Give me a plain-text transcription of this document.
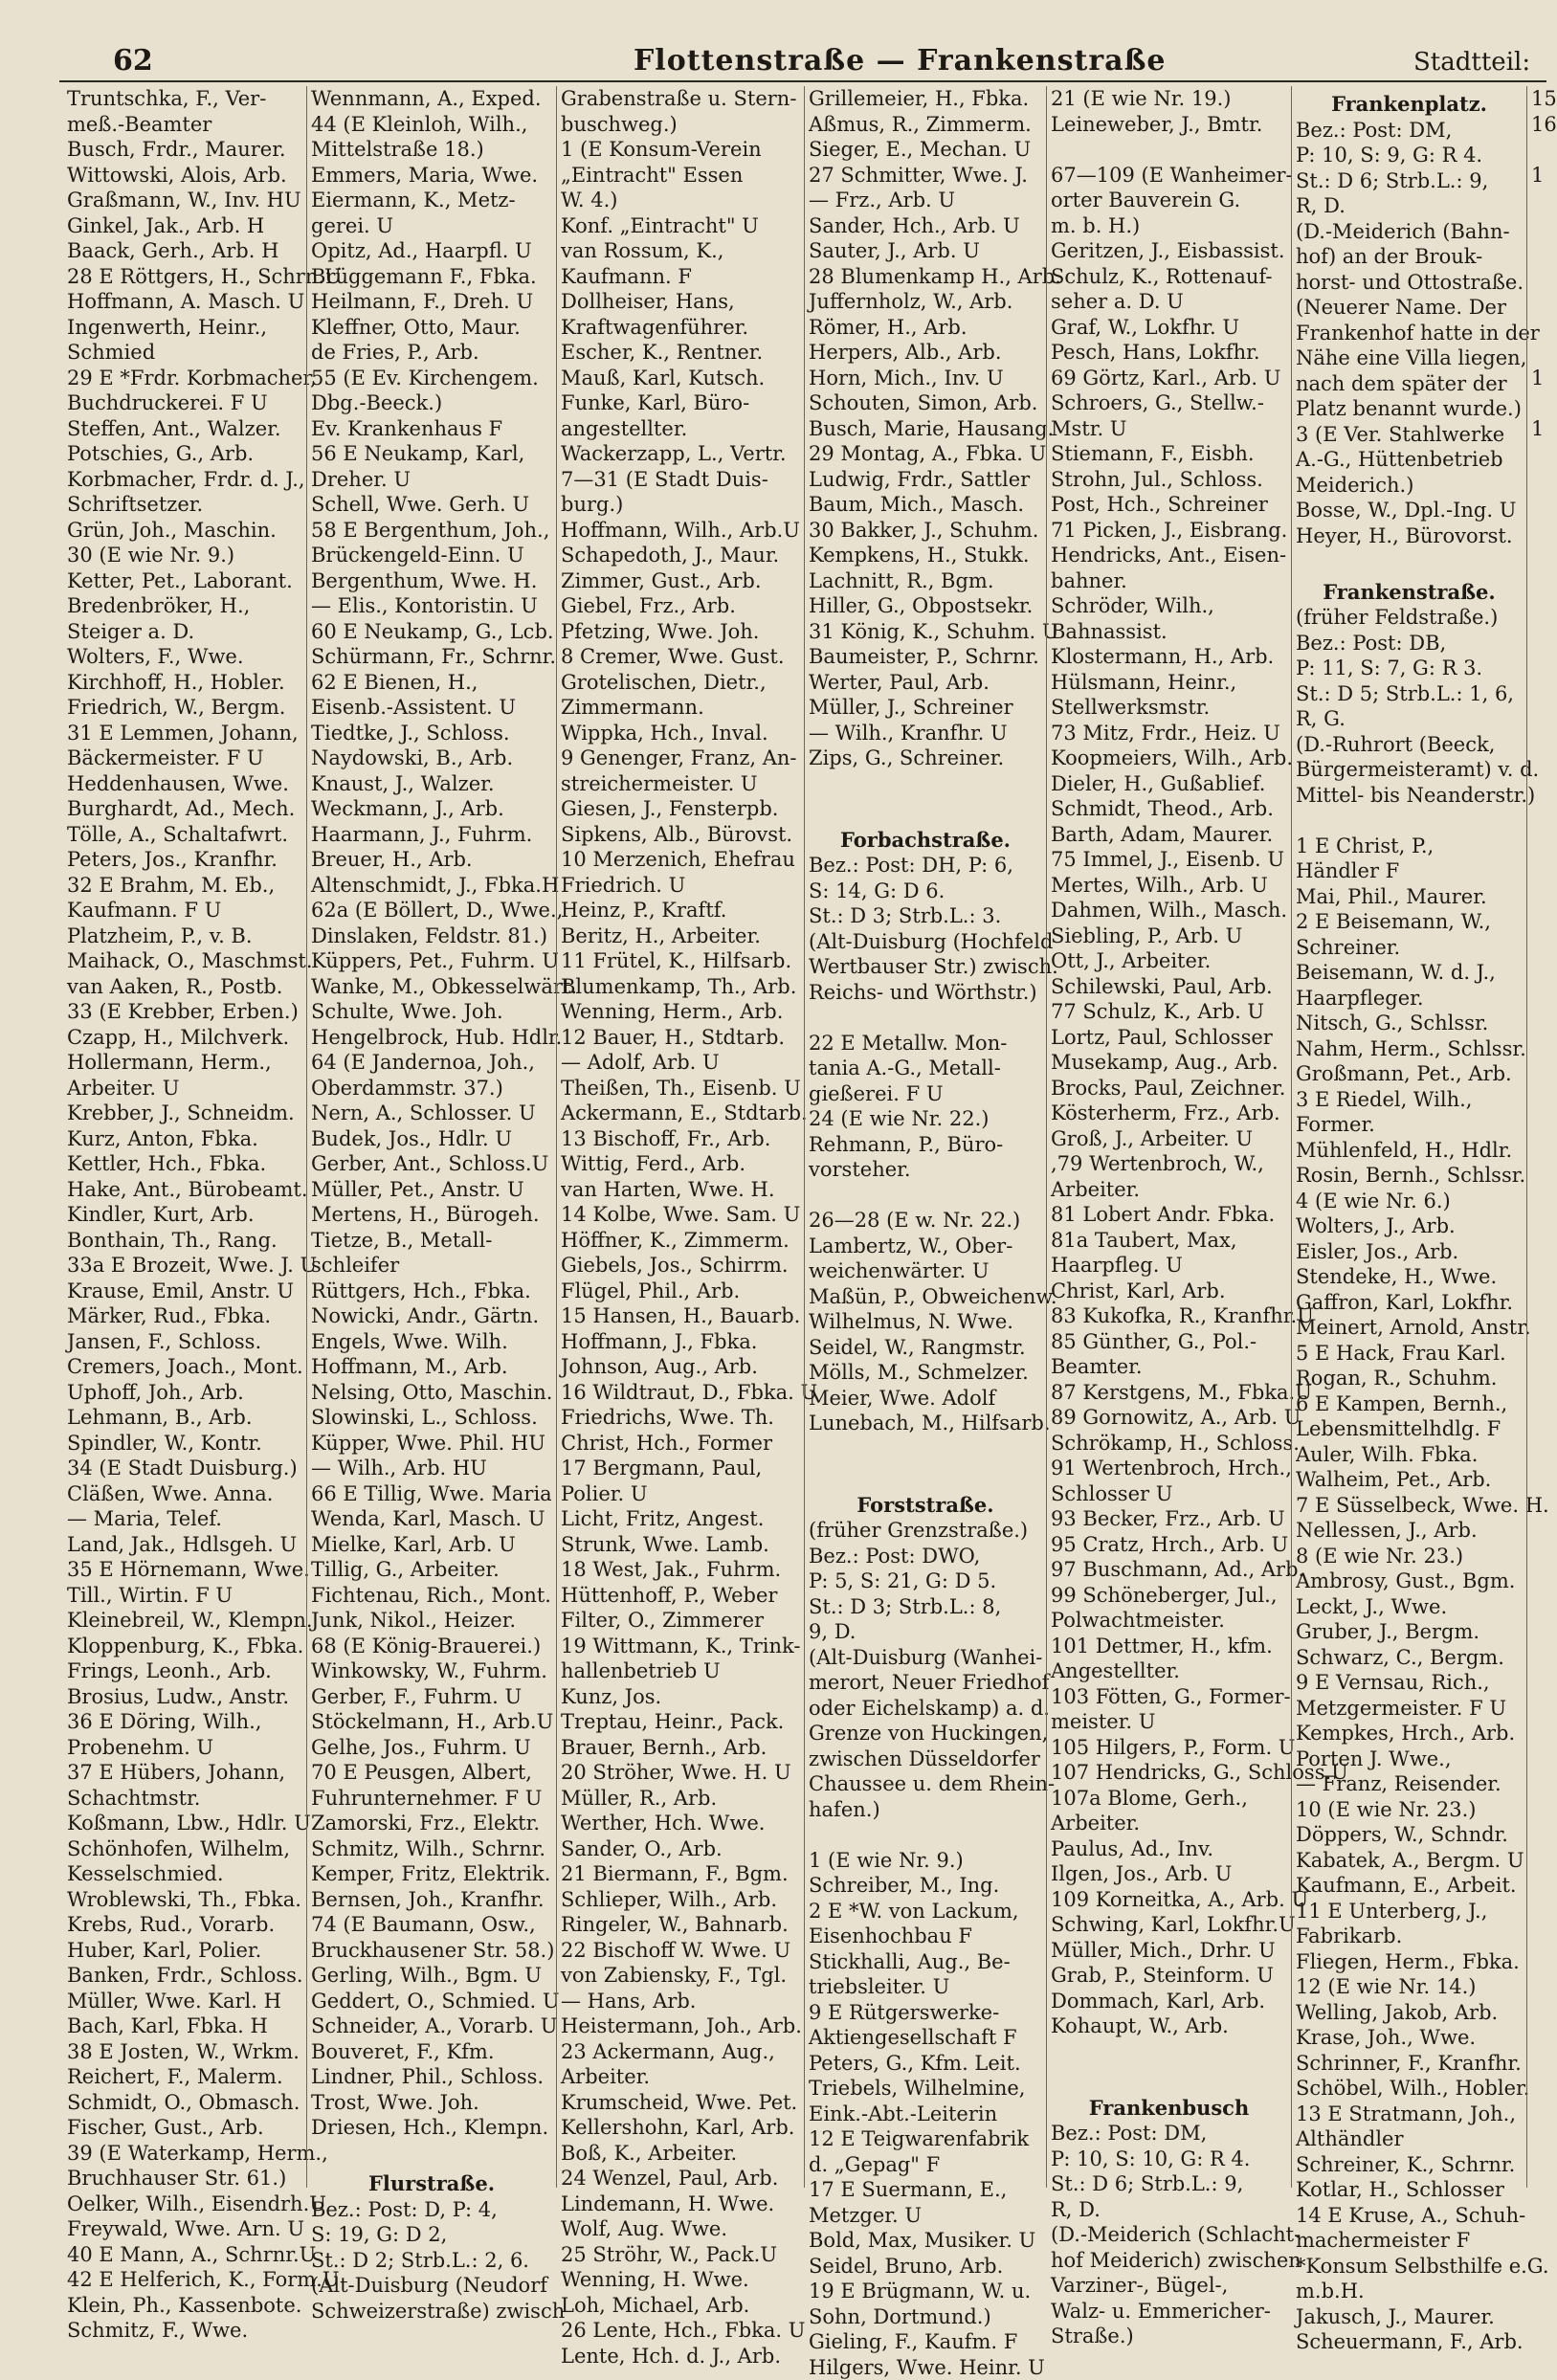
62	Flottenstraße — Frankenstraße	Stadtteil:
Truntschka, F., Ver-
meß.-Beamter
Busch, Frdr., Maurer.
Wittowski, Alois, Arb.
Graßmann, W., Inv. HU
Ginkel, Jak., Arb. H
Baack, Gerh., Arb. H
28 E Röttgers, H., Schrn.U
Hoffmann, A. Masch. U
Ingenwerth, Heinr.,
Schmied
29 E *Frdr. Korbmacher,
Buchdruckerei. F U
Steffen, Ant., Walzer.
Potschies, G., Arb.
Korbmacher, Frdr. d. J.,
Schriftsetzer.
Grün, Joh., Maschin.
30 (E wie Nr. 9.)
Ketter, Pet., Laborant.
Bredenbröker, H.,
Steiger a. D.
Wolters, F., Wwe.
Kirchhoff, H., Hobler.
Friedrich, W., Bergm.
31 E Lemmen, Johann,
Bäckermeister. F U
Heddenhausen, Wwe.
Burghardt, Ad., Mech.
Tölle, A., Schaltafwrt.
Peters, Jos., Kranfhr.
32 E Brahm, M. Eb.,
Kaufmann. F U
Platzheim, P., v. B.
Maihack, O., Maschmst.
van Aaken, R., Postb.
33 (E Krebber, Erben.)
Czapp, H., Milchverk.
Hollermann, Herm.,
Arbeiter. U
Krebber, J., Schneidm.
Kurz, Anton, Fbka.
Kettler, Hch., Fbka.
Hake, Ant., Bürobeamt.
Kindler, Kurt, Arb.
Bonthain, Th., Rang.
33a E Brozeit, Wwe. J. U
Krause, Emil, Anstr. U
Märker, Rud., Fbka.
Jansen, F., Schloss.
Cremers, Joach., Mont.
Uphoff, Joh., Arb.
Lehmann, B., Arb.
Spindler, W., Kontr.
34 (E Stadt Duisburg.)
Cläßen, Wwe. Anna.
— Maria, Telef.
Land, Jak., Hdlsgeh. U
35 E Hörnemann, Wwe.
Till., Wirtin. F U
Kleinebreil, W., Klempn.
Kloppenburg, K., Fbka.
Frings, Leonh., Arb.
Brosius, Ludw., Anstr.
36 E Döring, Wilh.,
Probenehm. U
37 E Hübers, Johann,
Schachtmstr.
Koßmann, Lbw., Hdlr. U
Schönhofen, Wilhelm,
Kesselschmied.
Wroblewski, Th., Fbka.
Krebs, Rud., Vorarb.
Huber, Karl, Polier.
Banken, Frdr., Schloss.
Müller, Wwe. Karl. H
Bach, Karl, Fbka. H
38 E Josten, W., Wrkm.
Reichert, F., Malerm.
Schmidt, O., Obmasch.
Fischer, Gust., Arb.
39 (E Waterkamp, Herm.,
Bruchhauser Str. 61.)
Oelker, Wilh., Eisendrh.U
Freywald, Wwe. Arn. U
40 E Mann, A., Schrnr.U
42 E Helferich, K., Form.U
Klein, Ph., Kassenbote.
Schmitz, F., Wwe.
Wennmann, A., Exped.
44 (E Kleinloh, Wilh.,
Mittelstraße 18.)
Emmers, Maria, Wwe.
Eiermann, K., Metz-
gerei. U
Opitz, Ad., Haarpfl. U
Brüggemann F., Fbka.
Heilmann, F., Dreh. U
Kleffner, Otto, Maur.
de Fries, P., Arb.
55 (E Ev. Kirchengem.
Dbg.-Beeck.)
Ev. Krankenhaus F
56 E Neukamp, Karl,
Dreher. U
Schell, Wwe. Gerh. U
58 E Bergenthum, Joh.,
Brückengeld-Einn. U
Bergenthum, Wwe. H.
— Elis., Kontoristin. U
60 E Neukamp, G., Lcb.
Schürmann, Fr., Schrnr.
62 E Bienen, H.,
Eisenb.-Assistent. U
Tiedtke, J., Schloss.
Naydowski, B., Arb.
Knaust, J., Walzer.
Weckmann, J., Arb.
Haarmann, J., Fuhrm.
Breuer, H., Arb.
Altenschmidt, J., Fbka.H
62a (E Böllert, D., Wwe.,
Dinslaken, Feldstr. 81.)
Küppers, Pet., Fuhrm. U
Wanke, M., Obkesselwärt.
Schulte, Wwe. Joh.
Hengelbrock, Hub. Hdlr.
64 (E Jandernoa, Joh.,
Oberdammstr. 37.)
Nern, A., Schlosser. U
Budek, Jos., Hdlr. U
Gerber, Ant., Schloss.U
Müller, Pet., Anstr. U
Mertens, H., Bürogeh.
Tietze, B., Metall-
schleifer
Rüttgers, Hch., Fbka.
Nowicki, Andr., Gärtn.
Engels, Wwe. Wilh.
Hoffmann, M., Arb.
Nelsing, Otto, Maschin.
Slowinski, L., Schloss.
Küpper, Wwe. Phil. HU
— Wilh., Arb. HU
66 E Tillig, Wwe. Maria
Wenda, Karl, Masch. U
Mielke, Karl, Arb. U
Tillig, G., Arbeiter.
Fichtenau, Rich., Mont.
Junk, Nikol., Heizer.
68 (E König-Brauerei.)
Winkowsky, W., Fuhrm.
Gerber, F., Fuhrm. U
Stöckelmann, H., Arb.U
Gelhe, Jos., Fuhrm. U
70 E Peusgen, Albert,
Fuhrunternehmer. F U
Zamorski, Frz., Elektr.
Schmitz, Wilh., Schrnr.
Kemper, Fritz, Elektrik.
Bernsen, Joh., Kranfhr.
74 (E Baumann, Osw.,
Bruckhausener Str. 58.)
Gerling, Wilh., Bgm. U
Geddert, O., Schmied. U
Schneider, A., Vorarb. U
Bouveret, F., Kfm.
Lindner, Phil., Schloss.
Trost, Wwe. Joh.
Driesen, Hch., Klempn.

Flurstraße.
Bez.: Post: D, P: 4,
S: 19, G: D 2,
St.: D 2; Strb.L.: 2, 6.
(Alt-Duisburg (Neudorf
Schweizerstraße) zwisch
Grabenstraße u. Stern-
buschweg.)
1 (E Konsum-Verein
„Eintracht" Essen
W. 4.)
Konf. „Eintracht" U
van Rossum, K.,
Kaufmann. F
Dollheiser, Hans,
Kraftwagenführer.
Escher, K., Rentner.
Mauß, Karl, Kutsch.
Funke, Karl, Büro-
angestellter.
Wackerzapp, L., Vertr.
7—31 (E Stadt Duis-
burg.)
Hoffmann, Wilh., Arb.U
Schapedoth, J., Maur.
Zimmer, Gust., Arb.
Giebel, Frz., Arb.
Pfetzing, Wwe. Joh.
8 Cremer, Wwe. Gust.
Grotelischen, Dietr.,
Zimmermann.
Wippka, Hch., Inval.
9 Genenger, Franz, An-
streichermeister. U
Giesen, J., Fensterpb.
Sipkens, Alb., Bürovst.
10 Merzenich, Ehefrau
Friedrich. U
Heinz, P., Kraftf.
Beritz, H., Arbeiter.
11 Frütel, K., Hilfsarb.
Blumenkamp, Th., Arb.
Wenning, Herm., Arb.
12 Bauer, H., Stdtarb.
— Adolf, Arb. U
Theißen, Th., Eisenb. U
Ackermann, E., Stdtarb.
13 Bischoff, Fr., Arb.
Wittig, Ferd., Arb.
van Harten, Wwe. H.
14 Kolbe, Wwe. Sam. U
Höffner, K., Zimmerm.
Giebels, Jos., Schirrm.
Flügel, Phil., Arb.
15 Hansen, H., Bauarb.
Hoffmann, J., Fbka.
Johnson, Aug., Arb.
16 Wildtraut, D., Fbka. U
Friedrichs, Wwe. Th.
Christ, Hch., Former
17 Bergmann, Paul,
Polier. U
Licht, Fritz, Angest.
Strunk, Wwe. Lamb.
18 West, Jak., Fuhrm.
Hüttenhoff, P., Weber
Filter, O., Zimmerer
19 Wittmann, K., Trink-
hallenbetrieb U
Kunz, Jos.
Treptau, Heinr., Pack.
Brauer, Bernh., Arb.
20 Ströher, Wwe. H. U
Müller, R., Arb.
Werther, Hch. Wwe.
Sander, O., Arb.
21 Biermann, F., Bgm.
Schlieper, Wilh., Arb.
Ringeler, W., Bahnarb.
22 Bischoff W. Wwe. U
von Zabiensky, F., Tgl.
— Hans, Arb.
Heistermann, Joh., Arb.
23 Ackermann, Aug.,
Arbeiter.
Krumscheid, Wwe. Pet.
Kellershohn, Karl, Arb.
Boß, K., Arbeiter.
24 Wenzel, Paul, Arb.
Lindemann, H. Wwe.
Wolf, Aug. Wwe.
25 Ströhr, W., Pack.U
Wenning, H. Wwe.
Loh, Michael, Arb.
26 Lente, Hch., Fbka. U
Lente, Hch. d. J., Arb.
Grillemeier, H., Fbka.
Aßmus, R., Zimmerm.
Sieger, E., Mechan. U
27 Schmitter, Wwe. J.
— Frz., Arb. U
Sander, Hch., Arb. U
Sauter, J., Arb. U
28 Blumenkamp H., Arb.
Juffernholz, W., Arb.
Römer, H., Arb.
Herpers, Alb., Arb.
Horn, Mich., Inv. U
Schouten, Simon, Arb.
Busch, Marie, Hausang.
29 Montag, A., Fbka. U
Ludwig, Frdr., Sattler
Baum, Mich., Masch.
30 Bakker, J., Schuhm.
Kempkens, H., Stukk.
Lachnitt, R., Bgm.
Hiller, G., Obpostsekr.
31 König, K., Schuhm. U
Baumeister, P., Schrnr.
Werter, Paul, Arb.
Müller, J., Schreiner
— Wilh., Kranfhr. U
Zips, G., Schreiner.

Forbachstraße.
Bez.: Post: DH, P: 6,
S: 14, G: D 6.
St.: D 3; Strb.L.: 3.
(Alt-Duisburg (Hochfeld
Wertbauser Str.) zwisch.
Reichs- und Wörthstr.)

22 E Metallw. Mon-
tania A.-G., Metall-
gießerei. F U
24 (E wie Nr. 22.)
Rehmann, P., Büro-
vorsteher.

26—28 (E w. Nr. 22.)
Lambertz, W., Ober-
weichenwärter. U
Maßün, P., Obweichenw.
Wilhelmus, N. Wwe.
Seidel, W., Rangmstr.
Mölls, M., Schmelzer.
Meier, Wwe. Adolf
Lunebach, M., Hilfsarb.

Forststraße.
(früher Grenzstraße.)
Bez.: Post: DWO,
P: 5, S: 21, G: D 5.
St.: D 3; Strb.L.: 8,
9, D.
(Alt-Duisburg (Wanhei-
merort, Neuer Friedhof
oder Eichelskamp) a. d.
Grenze von Huckingen,
zwischen Düsseldorfer
Chaussee u. dem Rhein-
hafen.)

1 (E wie Nr. 9.)
Schreiber, M., Ing.
2 E *W. von Lackum,
Eisenhochbau F
Stickhalli, Aug., Be-
triebsleiter. U
9 E Rütgerswerke-
Aktiengesellschaft F
Peters, G., Kfm. Leit.
Triebels, Wilhelmine,
Eink.-Abt.-Leiterin
12 E Teigwarenfabrik
d. „Gepag" F
17 E Suermann, E.,
Metzger. U
Bold, Max, Musiker. U
Seidel, Bruno, Arb.
19 E Brügmann, W. u.
Sohn, Dortmund.)
Gieling, F., Kaufm. F
Hilgers, Wwe. Heinr. U
21 (E wie Nr. 19.)
Leineweber, J., Bmtr.

67—109 (E Wanheimer-
orter Bauverein G.
m. b. H.)
Geritzen, J., Eisbassist.
Schulz, K., Rottenauf-
seher a. D. U
Graf, W., Lokfhr. U
Pesch, Hans, Lokfhr.
69 Görtz, Karl., Arb. U
Schroers, G., Stellw.-
Mstr. U
Stiemann, F., Eisbh.
Strohn, Jul., Schloss.
Post, Hch., Schreiner
71 Picken, J., Eisbrang.
Hendricks, Ant., Eisen-
bahner.
Schröder, Wilh.,
Bahnassist.
Klostermann, H., Arb.
Hülsmann, Heinr.,
Stellwerksmstr.
73 Mitz, Frdr., Heiz. U
Koopmeiers, Wilh., Arb.
Dieler, H., Gußablief.
Schmidt, Theod., Arb.
Barth, Adam, Maurer.
75 Immel, J., Eisenb. U
Mertes, Wilh., Arb. U
Dahmen, Wilh., Masch.
Siebling, P., Arb. U
Ott, J., Arbeiter.
Schilewski, Paul, Arb.
77 Schulz, K., Arb. U
Lortz, Paul, Schlosser
Musekamp, Aug., Arb.
Brocks, Paul, Zeichner.
Kösterherm, Frz., Arb.
Groß, J., Arbeiter. U
,79 Wertenbroch, W.,
Arbeiter.
81 Lobert Andr. Fbka.
81a Taubert, Max,
Haarpfleg. U
Christ, Karl, Arb.
83 Kukofka, R., Kranfhr.U
85 Günther, G., Pol.-
Beamter.
87 Kerstgens, M., Fbka.U
89 Gornowitz, A., Arb. U
Schrökamp, H., Schloss.
91 Wertenbroch, Hrch.,
Schlosser U
93 Becker, Frz., Arb. U
95 Cratz, Hrch., Arb. U
97 Buschmann, Ad., Arb.
99 Schöneberger, Jul.,
Polwachtmeister.
101 Dettmer, H., kfm.
Angestellter.
103 Fötten, G., Former-
meister. U
105 Hilgers, P., Form. U
107 Hendricks, G., Schloss.U
107a Blome, Gerh.,
Arbeiter.
Paulus, Ad., Inv.
Ilgen, Jos., Arb. U
109 Korneitka, A., Arb. U
Schwing, Karl, Lokfhr.U
Müller, Mich., Drhr. U
Grab, P., Steinform. U
Dommach, Karl, Arb.
Kohaupt, W., Arb.

Frankenbusch
Bez.: Post: DM,
P: 10, S: 10, G: R 4.
St.: D 6; Strb.L.: 9,
R, D.
(D.-Meiderich (Schlacht-
hof Meiderich) zwischen
Varziner-, Bügel-,
Walz- u. Emmericher-
Straße.)
Frankenplatz.
Bez.: Post: DM,
P: 10, S: 9, G: R 4.
St.: D 6; Strb.L.: 9,
R, D.
(D.-Meiderich (Bahn-
hof) an der Brouk-
horst- und Ottostraße.
(Neuerer Name. Der
Frankenhof hatte in der
Nähe eine Villa liegen,
nach dem später der
Platz benannt wurde.)
3 (E Ver. Stahlwerke
A.-G., Hüttenbetrieb
Meiderich.)
Bosse, W., Dpl.-Ing. U
Heyer, H., Bürovorst.

Frankenstraße.
(früher Feldstraße.)
Bez.: Post: DB,
P: 11, S: 7, G: R 3.
St.: D 5; Strb.L.: 1, 6,
R, G.
(D.-Ruhrort (Beeck,
Bürgermeisteramt) v. d.
Mittel- bis Neanderstr.)

1 E Christ, P.,
Händler F
Mai, Phil., Maurer.
2 E Beisemann, W.,
Schreiner.
Beisemann, W. d. J.,
Haarpfleger.
Nitsch, G., Schlssr.
Nahm, Herm., Schlssr.
Großmann, Pet., Arb.
3 E Riedel, Wilh.,
Former.
Mühlenfeld, H., Hdlr.
Rosin, Bernh., Schlssr.
4 (E wie Nr. 6.)
Wolters, J., Arb.
Eisler, Jos., Arb.
Stendeke, H., Wwe.
Gaffron, Karl, Lokfhr.
Meinert, Arnold, Anstr.
5 E Hack, Frau Karl.
Rogan, R., Schuhm.
6 E Kampen, Bernh.,
Lebensmittelhdlg. F
Auler, Wilh. Fbka.
Walheim, Pet., Arb.
7 E Süsselbeck, Wwe. H.
Nellessen, J., Arb.
8 (E wie Nr. 23.)
Ambrosy, Gust., Bgm.
Leckt, J., Wwe.
Gruber, J., Bergm.
Schwarz, C., Bergm.
9 E Vernsau, Rich.,
Metzgermeister. F U
Kempkes, Hrch., Arb.
Porten J. Wwe.,
— Franz, Reisender.
10 (E wie Nr. 23.)
Döppers, W., Schndr.
Kabatek, A., Bergm. U
Kaufmann, E., Arbeit.
11 E Unterberg, J.,
Fabrikarb.
Fliegen, Herm., Fbka.
12 (E wie Nr. 14.)
Welling, Jakob, Arb.
Krase, Joh., Wwe.
Schrinner, F., Kranfhr.
Schöbel, Wilh., Hobler.
13 E Stratmann, Joh.,
Althändler
Schreiner, K., Schrnr.
Kotlar, H., Schlosser
14 E Kruse, A., Schuh-
machermeister F
*Konsum Selbsthilfe e.G.
m.b.H.
Jakusch, J., Maurer.
Scheuermann, F., Arb.
15
16

1

1

1
